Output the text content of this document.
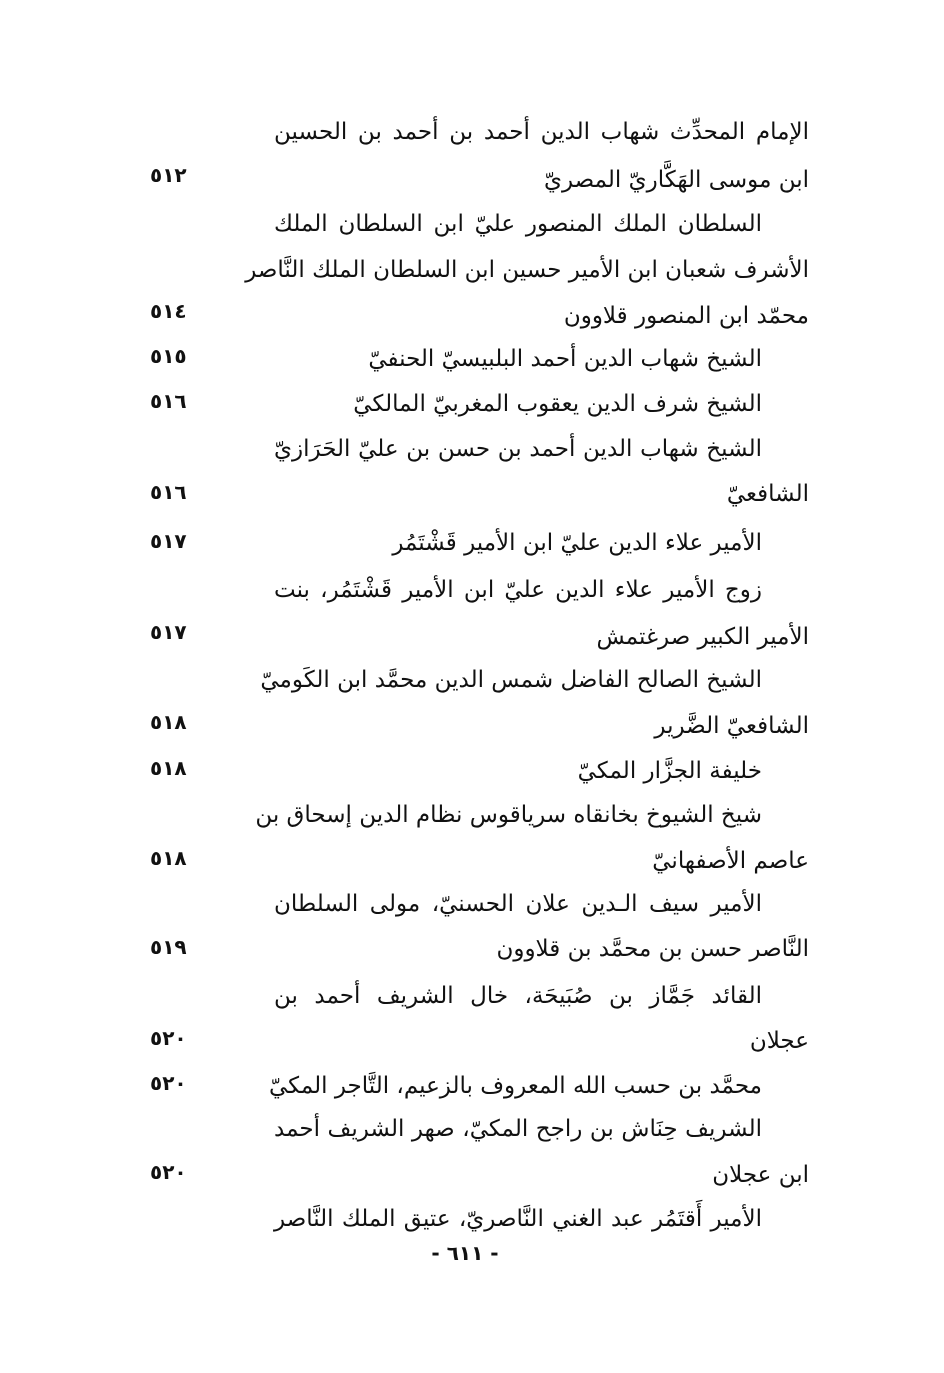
الإمام المحدِّث شهاب الدين أحمد بن أحمد بن الحسين
ابن موسى الهَكَّاريّ المصريّ
٥١٢
السلطان الملك المنصور عليّ ابن السلطان الملك
الأشرف شعبان ابن الأمير حسين ابن السلطان الملك النَّاصر
محمّد ابن المنصور قلاوون
٥١٤
الشيخ شهاب الدين أحمد البلبيسيّ الحنفيّ
٥١٥
الشيخ شرف الدين يعقوب المغربيّ المالكيّ
٥١٦
الشيخ شهاب الدين أحمد بن حسن بن عليّ الحَرَازيّ
الشافعيّ
٥١٦
الأمير علاء الدين عليّ ابن الأمير قَشْتَمُر
٥١٧
زوج الأمير علاء الدين عليّ ابن الأمير قَشْتَمُر، بنت
الأمير الكبير صرغتمش
٥١٧
الشيخ الصالح الفاضل شمس الدين محمَّد ابن الكَوميّ
الشافعيّ الضَّرير
٥١٨
خليفة الجزَّار المكيّ
٥١٨
شيخ الشيوخ بخانقاه سرياقوس نظام الدين إسحاق بن
عاصم الأصفهانيّ
٥١٨
الأمير سيف الـدين علان الحسنيّ، مولى السلطان
النَّاصر حسن بن محمَّد بن قلاوون
٥١٩
القائد جَمَّاز بن صُبَيحَة، خال الشريف أحمد بن
عجلان
٥٢٠
محمَّد بن حسب الله المعروف بالزعيم، التَّاجر المكيّ
٥٢٠
الشريف حِنَاش بن راجح المكيّ، صهر الشريف أحمد
ابن عجلان
٥٢٠
الأمير أَقتَمُر عبد الغني النَّاصريّ، عتيق الملك النَّاصر
- ٦١١ -
